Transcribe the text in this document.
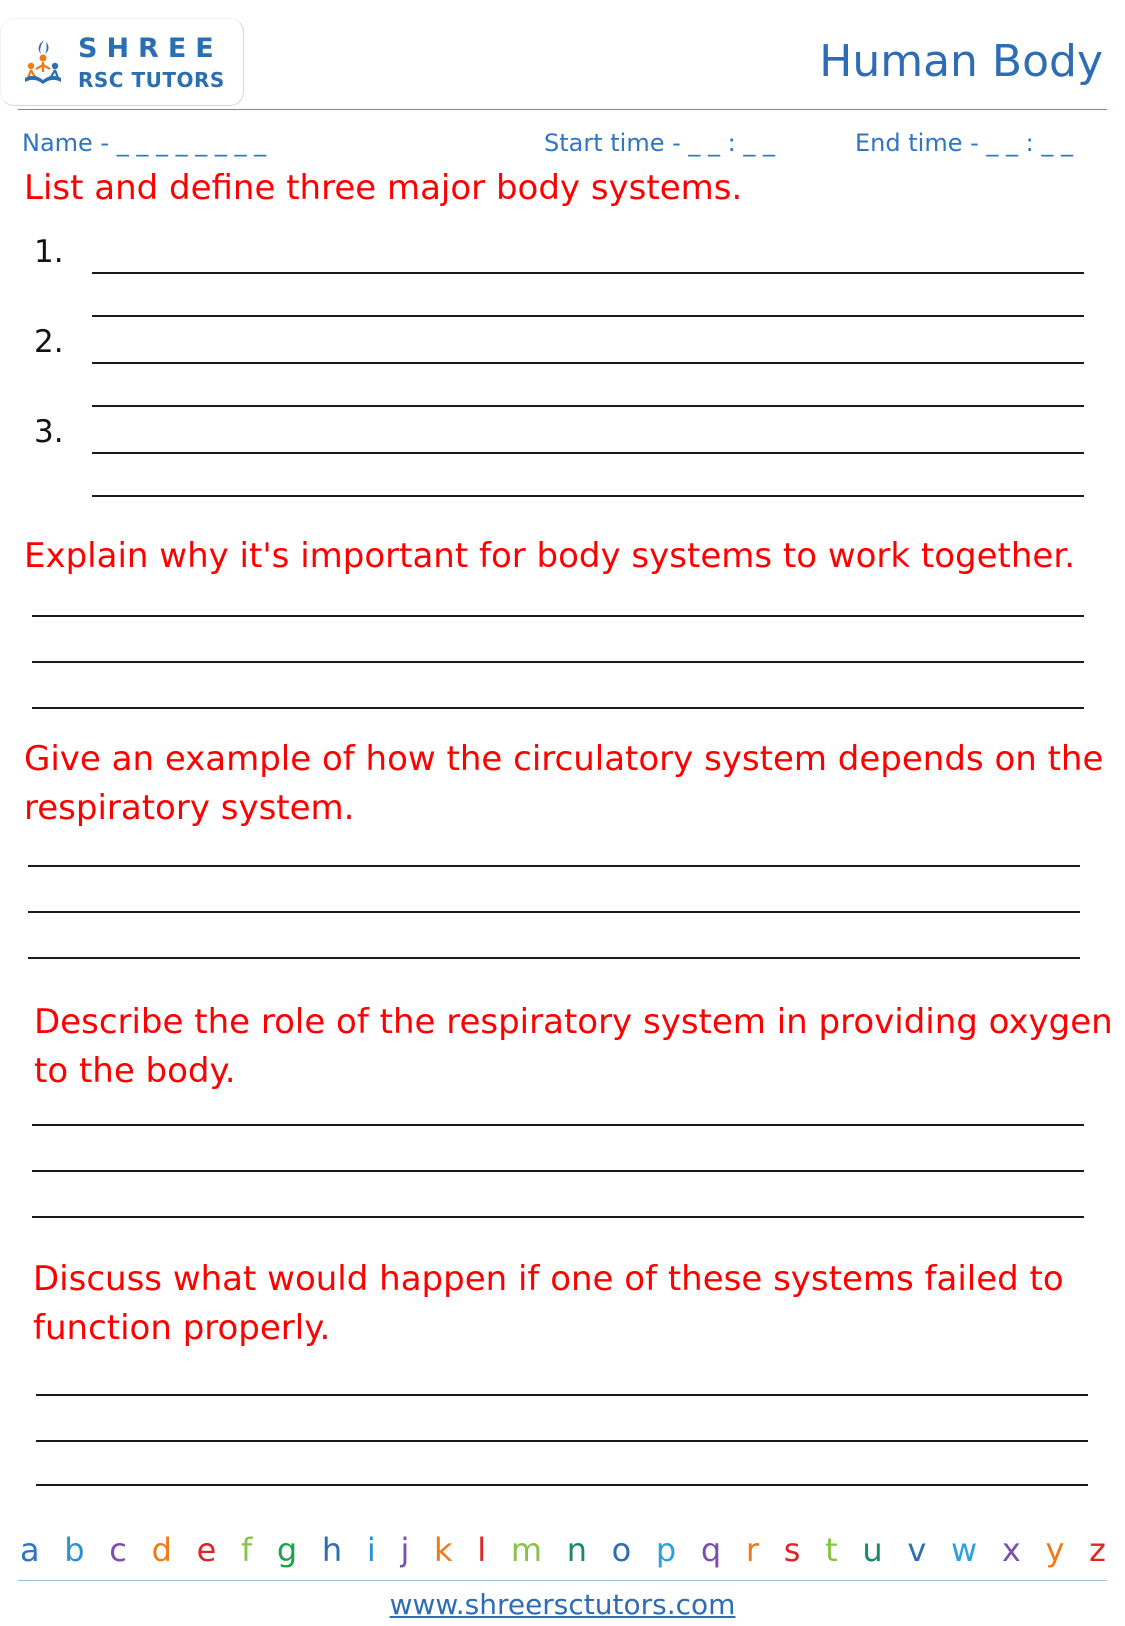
SHREE
RSC TUTORS	Human Body
Name - _ _ _ _ _ _ _ _	Start time - _ _ : _ _	End time - _ _ : _ _
List and define three major body systems.
1.
2.
3.
Explain why it's important for body systems to work together.
Give an example of how the circulatory system depends on the
respiratory system.
Describe the role of the respiratory system in providing oxygen
to the body.
Discuss what would happen if one of these systems failed to
function properly.
a b c d e f g h i j k l m n o p q r s t u v w x y z
www.shreersctutors.com
